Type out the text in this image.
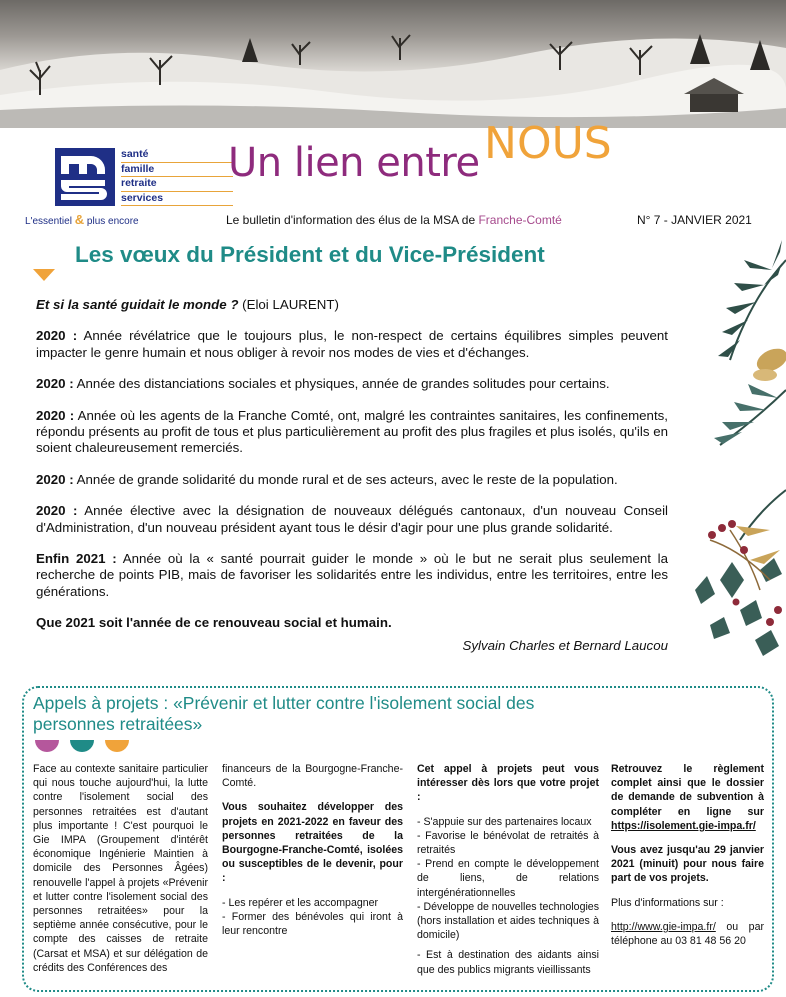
santé
famille
retraite
services
L'essentiel & plus encore
Un lien entre NOUS
Le bulletin d'information des élus de la MSA de Franche-Comté	N° 7 - JANVIER 2021
Les vœux du Président et du Vice-Président

Et si la santé guidait le monde ? (Eloi LAURENT)

2020 : Année révélatrice que le toujours plus, le non-respect de certains équilibres simples peuvent impacter le genre humain et nous obliger à revoir nos modes de vies et d'échanges.

2020 : Année des distanciations sociales et physiques, année de grandes solitudes pour certains.

2020 : Année où les agents de la Franche Comté, ont, malgré les contraintes sanitaires, les confinements, répondu présents au profit de tous et plus particulièrement au profit des plus fragiles et plus isolés, qu'ils en soient chaleureusement remerciés.

2020 : Année de grande solidarité du monde rural et de ses acteurs, avec le reste de la population.

2020 : Année élective avec la désignation de nouveaux délégués cantonaux, d'un nouveau Conseil d'Administration, d'un nouveau président ayant tous le désir d'agir pour une plus grande solidarité.

Enfin 2021 : Année où la « santé pourrait guider le monde » où le but ne serait plus seulement la recherche de points PIB, mais de favoriser les solidarités entre les individus, entre les territoires, entre les générations.

Que 2021 soit l'année de ce renouveau social et humain.

Sylvain Charles et Bernard Laucou

Appels à projets : «Prévenir et lutter contre l'isolement social des personnes retraitées»

Face au contexte sanitaire particulier qui nous touche aujourd'hui, la lutte contre l'isolement social des personnes retraitées est d'autant plus importante ! C'est pourquoi le Gie IMPA (Groupement d'intérêt économique Ingénierie Maintien à domicile des Personnes Âgées) renouvelle l'appel à projets «Prévenir et lutter contre l'isolement social des personnes retraitées» pour la septième année consécutive, pour le compte des caisses de retraite (Carsat et MSA) et sur délégation de crédits des Conférences des

financeurs de la Bourgogne-Franche-Comté.

Vous souhaitez développer des projets en 2021-2022 en faveur des personnes retraitées de la Bourgogne-Franche-Comté, isolées ou susceptibles de le devenir, pour :

- Les repérer et les accompagner

- Former des bénévoles qui iront à leur rencontre

Cet appel à projets peut vous intéresser dès lors que votre projet :

- S'appuie sur des partenaires locaux

- Favorise le bénévolat de retraités à retraités

- Prend en compte le développement de liens, de relations intergénérationnelles

- Développe de nouvelles technologies (hors installation et aides techniques à domicile)

- Est à destination des aidants ainsi que des publics migrants vieillissants

Retrouvez le règlement complet ainsi que le dossier de demande de subvention à compléter en ligne sur https://isolement.gie-impa.fr/

Vous avez jusqu'au 29 janvier 2021 (minuit) pour nous faire part de vos projets.

Plus d'informations sur :

http://www.gie-impa.fr/ ou par téléphone au 03 81 48 56 20
